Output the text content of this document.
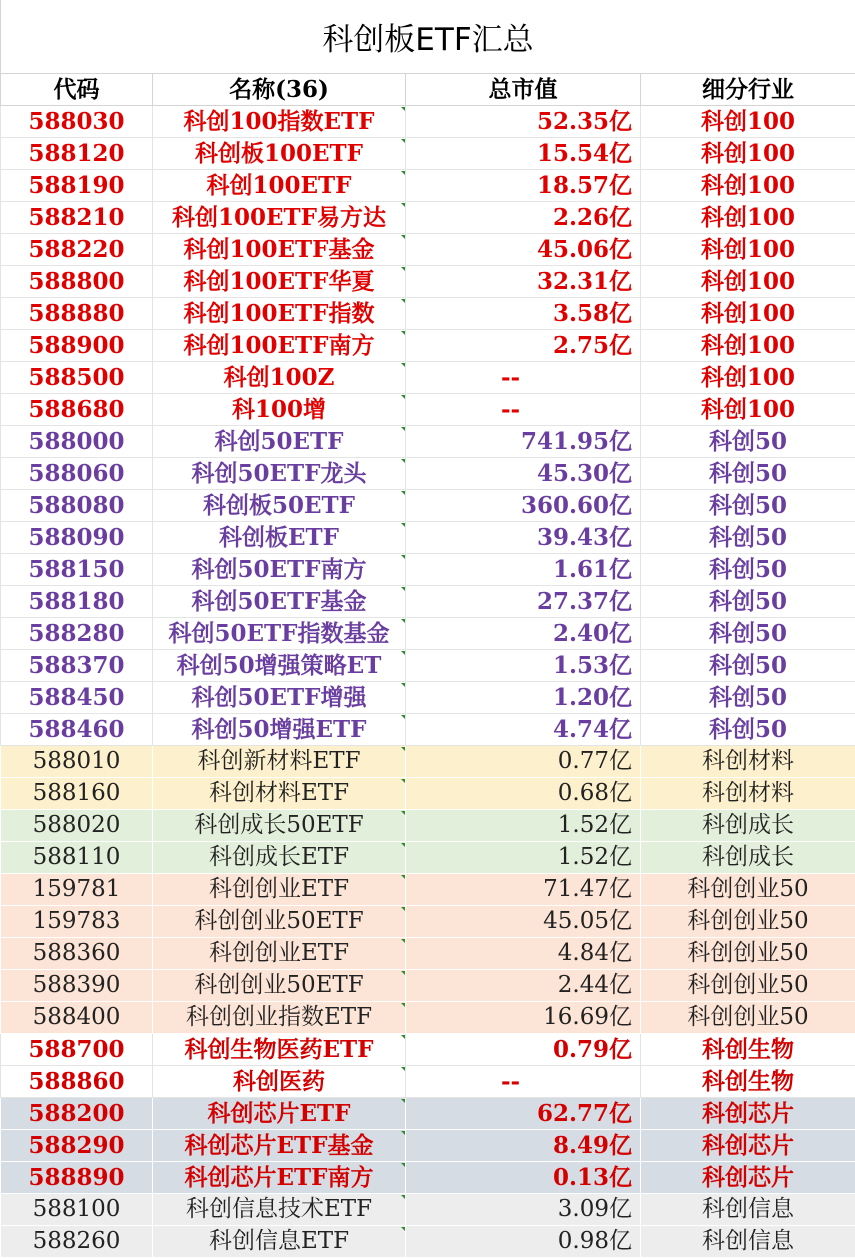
科创板ETF汇总
代码	名称(36)	总市值	细分行业
588030	科创100指数ETF	52.35亿	科创100
588120	科创板100ETF	15.54亿	科创100
588190	科创100ETF	18.57亿	科创100
588210	科创100ETF易方达	2.26亿	科创100
588220	科创100ETF基金	45.06亿	科创100
588800	科创100ETF华夏	32.31亿	科创100
588880	科创100ETF指数	3.58亿	科创100
588900	科创100ETF南方	2.75亿	科创100
588500	科创100Z	--	科创100
588680	科100增	--	科创100
588000	科创50ETF	741.95亿	科创50
588060	科创50ETF龙头	45.30亿	科创50
588080	科创板50ETF	360.60亿	科创50
588090	科创板ETF	39.43亿	科创50
588150	科创50ETF南方	1.61亿	科创50
588180	科创50ETF基金	27.37亿	科创50
588280	科创50ETF指数基金	2.40亿	科创50
588370	科创50增强策略ET	1.53亿	科创50
588450	科创50ETF增强	1.20亿	科创50
588460	科创50增强ETF	4.74亿	科创50
588010	科创新材料ETF	0.77亿	科创材料
588160	科创材料ETF	0.68亿	科创材料
588020	科创成长50ETF	1.52亿	科创成长
588110	科创成长ETF	1.52亿	科创成长
159781	科创创业ETF	71.47亿	科创创业50
159783	科创创业50ETF	45.05亿	科创创业50
588360	科创创业ETF	4.84亿	科创创业50
588390	科创创业50ETF	2.44亿	科创创业50
588400	科创创业指数ETF	16.69亿	科创创业50
588700	科创生物医药ETF	0.79亿	科创生物
588860	科创医药	--	科创生物
588200	科创芯片ETF	62.77亿	科创芯片
588290	科创芯片ETF基金	8.49亿	科创芯片
588890	科创芯片ETF南方	0.13亿	科创芯片
588100	科创信息技术ETF	3.09亿	科创信息
588260	科创信息ETF	0.98亿	科创信息
